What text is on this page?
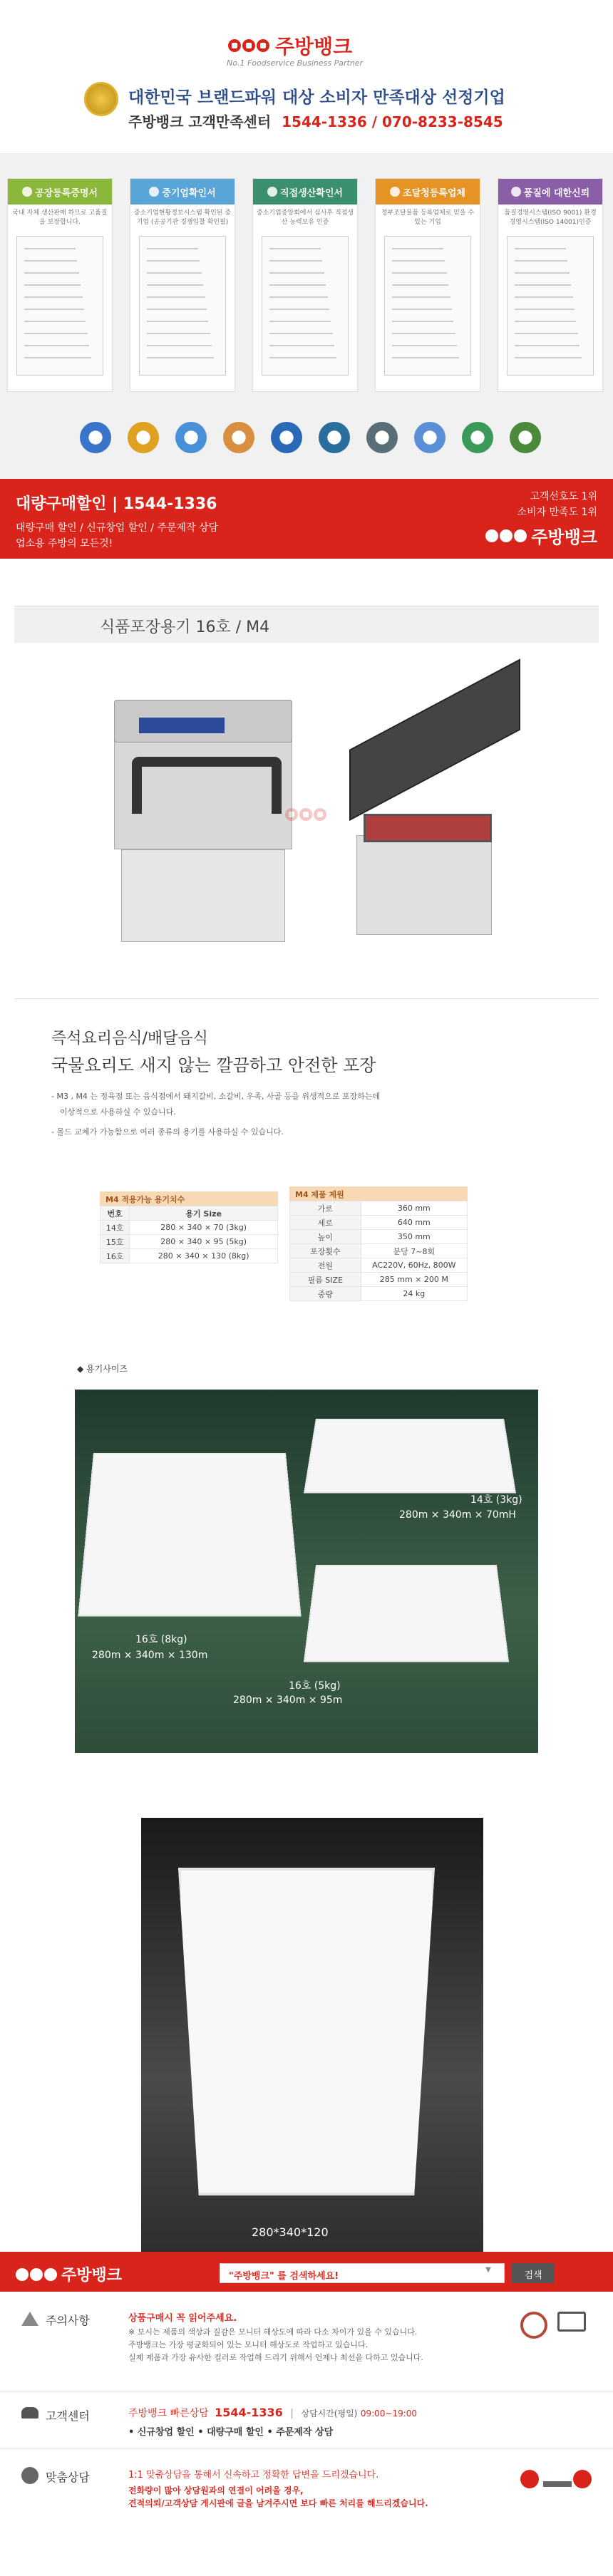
주방뱅크
No.1 Foodservice Business Partner
대한민국 브랜드파워 대상 소비자 만족대상 선정기업
주방뱅크 고객만족센터 1544-1336 / 070-8233-8545
공장등록증명서
국내 자체 생산판매 하므로 고품질을 보장합니다.
중기업확인서
중소기업현황정보시스템 확인된 중기업 (공공기관 경쟁입찰 확인필)
직접생산확인서
중소기업중앙회에서 심사후 직접생산 능력보유 인증
조달청등록업체
정부조달물품 등록업체로 믿을 수 있는 기업
품질에 대한신뢰
품질경영시스템(ISO 9001) 환경경영시스템(ISO 14001)인증
대량구매할인 | 1544-1336
대량구매 할인 / 신규창업 할인 / 주문제작 상담
업소용 주방의 모든것!
고객선호도 1위
소비자 만족도 1위
주방뱅크
식품포장용기 16호 / M4
즉석요리음식/배달음식
국물요리도 새지 않는 깔끔하고 안전한 포장
- M3 , M4 는 정육점 또는 음식점에서 돼지갈비, 소갈비, 우족, 사골 등을 위생적으로 포장하는데
이상적으로 사용하실 수 있습니다.
- 몰드 교체가 가능함으로 여러 종류의 용기를 사용하실 수 있습니다.
M4 적용가능 용기치수
번호	용기 Size
14호	280 × 340 × 70 (3kg)
15호	280 × 340 × 95 (5kg)
16호	280 × 340 × 130 (8kg)
M4 제품 제원
가로	360 mm
세로	640 mm
높이	350 mm
포장횟수	분당 7~8회
전원	AC220V, 60Hz, 800W
필름 SIZE	285 mm × 200 M
중량	24 kg
◆ 용기사이즈
14호 (3kg)
280m × 340m × 70mH
16호 (8kg)
280m × 340m × 130m
16호 (5kg)
280m × 340m × 95m
280*340*120
주방뱅크	"주방뱅크" 를 검색하세요!
▼
검색
주의사항	상품구매시 꼭 읽어주세요.
※ 보시는 제품의 색상과 질감은 모니터 해상도에 따라 다소 차이가 있을 수 있습니다.
주방뱅크는 가장 평균화되어 있는 모니터 해상도로 작업하고 있습니다.
실제 제품과 가장 유사한 컬러로 작업해 드리기 위해서 언제나 최선을 다하고 있습니다.
고객센터	주방뱅크 빠른상담 1544-1336 | 상담시간(평일) 09:00~19:00
• 신규창업 할인 • 대량구매 할인 • 주문제작 상담
맞춤상담	1:1 맞춤상담을 통해서 신속하고 정확한 답변을 드리겠습니다.
전화량이 많아 상담원과의 연결이 어려울 경우,
견적의뢰/고객상담 게시판에 글을 남겨주시면 보다 빠른 처리를 해드리겠습니다.
